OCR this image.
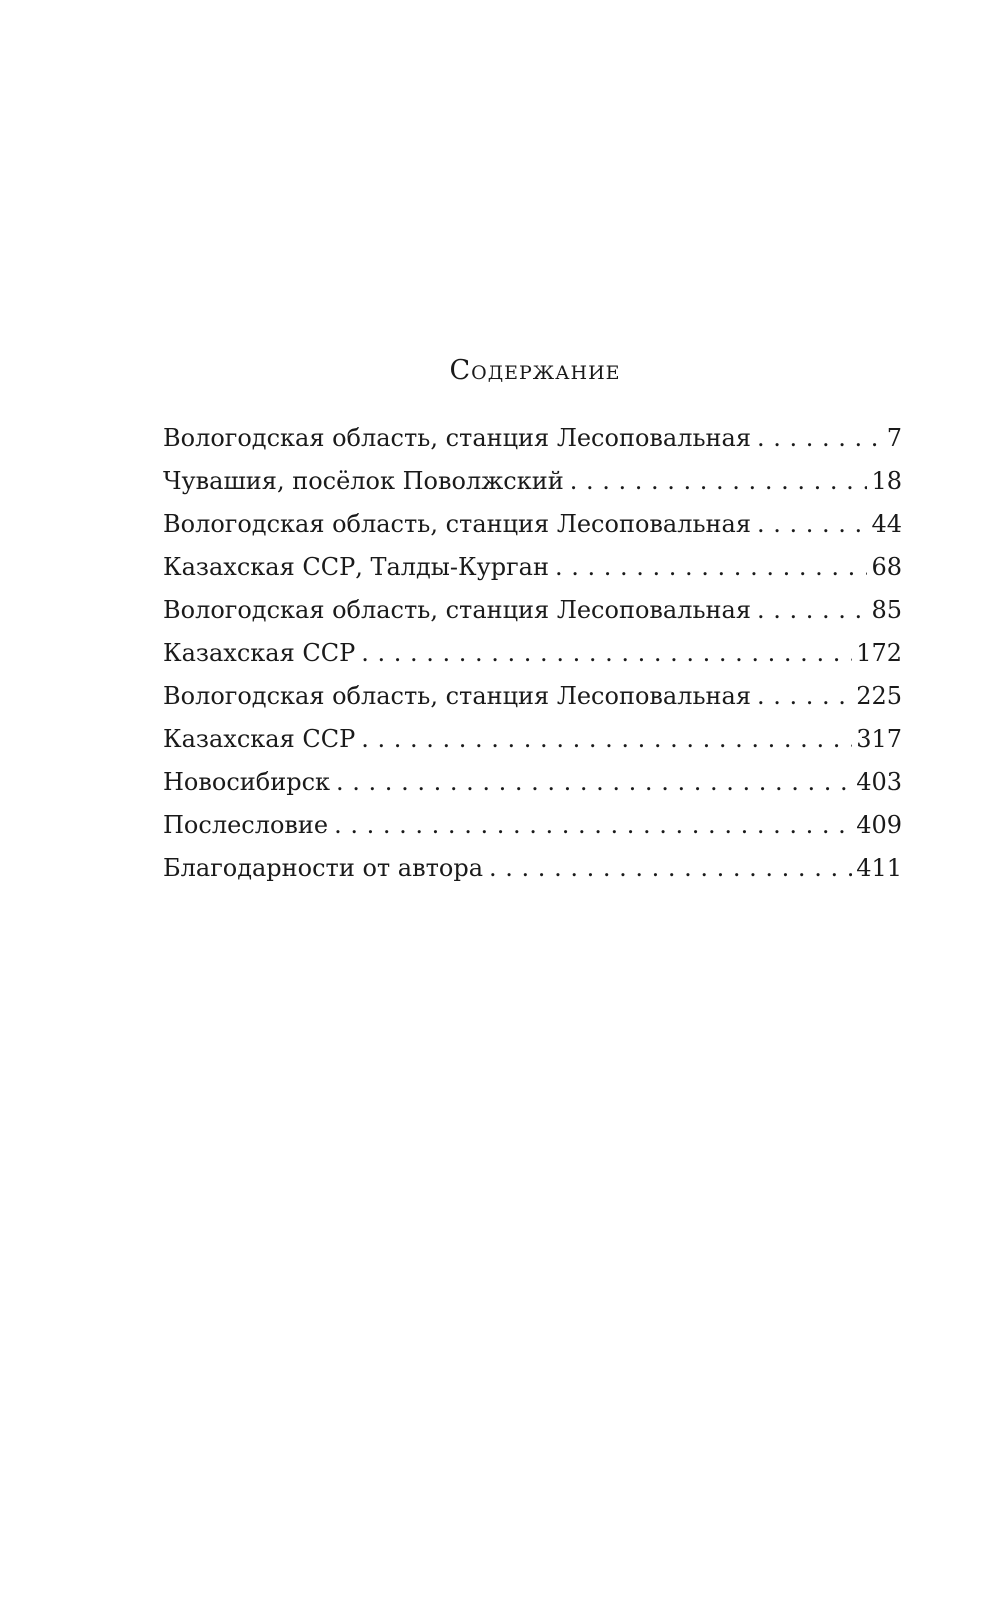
Содержание
Вологодская область, станция Лесоповальная . . .	7
Чувашия, посёлок Поволжский . . .	18
Вологодская область, станция Лесоповальная . . .	44
Казахская ССР, Талды-Курган . . .	68
Вологодская область, станция Лесоповальная . . .	85
Казахская ССР . . .	172
Вологодская область, станция Лесоповальная . . .	225
Казахская ССР . . .	317
Новосибирск . . .	403
Послесловие . . .	409
Благодарности от автора . . .	411
